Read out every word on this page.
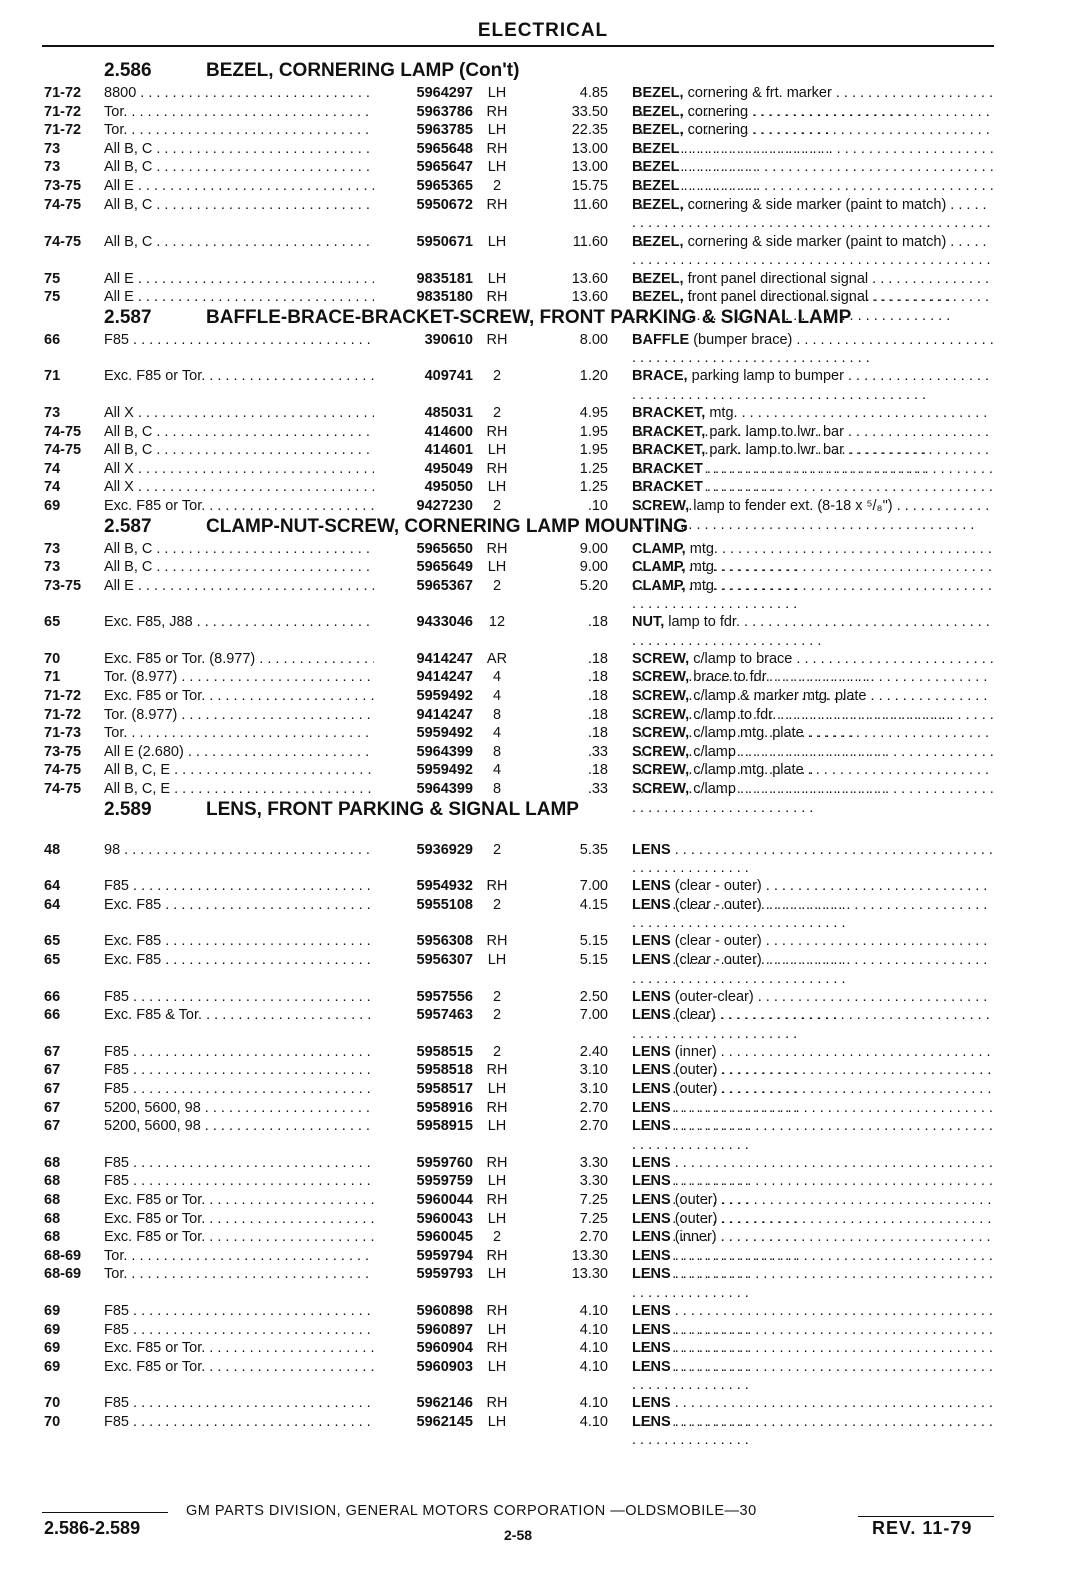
ELECTRICAL
2.586	BEZEL, CORNERING LAMP (Con't)
71-72	8800 . . .	5964297 LH	4.85 BEZEL, cornering & frt. marker . . .
71-72	Tor. . . .	5963786 RH	33.50 BEZEL, cornering . . .
71-72	Tor. . . .	5963785 LH	22.35 BEZEL, cornering . . .
73	All B, C . . .	5965648 RH	13.00 BEZEL . . .
73	All B, C . . .	5965647 LH	13.00 BEZEL . . .
73-75	All E . . .	5965365	2	15.75 BEZEL . . .
74-75	All B, C . . .	5950672 RH	11.60 BEZEL, cornering & side marker (paint to match) . . .
74-75	All B, C . . .	5950671 LH	11.60 BEZEL, cornering & side marker (paint to match) . . .
75	All E . . .	9835181 LH	13.60 BEZEL, front panel directional signal . . .
75	All E . . .	9835180 RH	13.60 BEZEL, front panel directional signal . . .
2.587	BAFFLE-BRACE-BRACKET-SCREW, FRONT PARKING & SIGNAL LAMP
66	F85 . . .	390610 RH	8.00 BAFFLE (bumper brace) . . .
71	Exc. F85 or Tor. . . .	409741	2	1.20 BRACE, parking lamp to bumper . . .
73	All X . . .	485031	2	4.95 BRACKET, mtg. . . .
74-75	All B, C . . .	414600 RH	1.95 BRACKET, park. lamp to lwr. bar . . .
74-75	All B, C . . .	414601 LH	1.95 BRACKET, park. lamp to lwr. bar . . .
74	All X . . .	495049 RH	1.25 BRACKET . . .
74	All X . . .	495050 LH	1.25 BRACKET . . .
69	Exc. F85 or Tor. . . .	9427230	2	.10 SCREW, lamp to fender ext. (8-18 x ⁵/₈") . . .
2.587	CLAMP-NUT-SCREW, CORNERING LAMP MOUNTING
73	All B, C . . .	5965650 RH	9.00 CLAMP, mtg. . . .
73	All B, C . . .	5965649 LH	9.00 CLAMP, mtg. . . .
73-75	All E . . .	5965367	2	5.20 CLAMP, mtg. . . .
65	Exc. F85, J88 . . .	9433046	12	.18 NUT, lamp to fdr. . . .
70	Exc. F85 or Tor. (8.977) . . .	9414247 AR	.18 SCREW, c/lamp to brace . . .
71	Tor. (8.977) . . .	9414247	4	.18 SCREW, brace to fdr. . . .
71-72	Exc. F85 or Tor. . . .	5959492	4	.18 SCREW, c/lamp & marker mtg. plate . . .
71-72	Tor. (8.977) . . .	9414247	8	.18 SCREW, c/lamp to fdr. . . .
71-73	Tor. . . .	5959492	4	.18 SCREW, c/lamp mtg. plate . . .
73-75	All E (2.680) . . .	5964399	8	.33 SCREW, c/lamp . . .
74-75	All B, C, E . . .	5959492	4	.18 SCREW, c/lamp mtg. plate . . .
74-75	All B, C, E . . .	5964399	8	.33 SCREW, c/lamp . . .
2.589	LENS, FRONT PARKING & SIGNAL LAMP
48	98 . . .	5936929	2	5.35 LENS . . .
64	F85 . . .	5954932 RH	7.00 LENS (clear - outer) . . .
64	Exc. F85 . . .	5955108	2	4.15 LENS (clear - outer) . . .
65	Exc. F85 . . .	5956308 RH	5.15 LENS (clear - outer) . . .
65	Exc. F85 . . .	5956307 LH	5.15 LENS (clear - outer) . . .
66	F85 . . .	5957556	2	2.50 LENS (outer-clear) . . .
66	Exc. F85 & Tor. . . .	5957463	2	7.00 LENS (clear) . . .
67	F85 . . .	5958515	2	2.40 LENS (inner) . . .
67	F85 . . .	5958518 RH	3.10 LENS (outer) . . .
67	F85 . . .	5958517 LH	3.10 LENS (outer) . . .
67	5200, 5600, 98 . . .	5958916 RH	2.70 LENS . . .
67	5200, 5600, 98 . . .	5958915 LH	2.70 LENS . . .
68	F85 . . .	5959760 RH	3.30 LENS . . .
68	F85 . . .	5959759 LH	3.30 LENS . . .
68	Exc. F85 or Tor. . . .	5960044 RH	7.25 LENS (outer) . . .
68	Exc. F85 or Tor. . . .	5960043 LH	7.25 LENS (outer) . . .
68	Exc. F85 or Tor. . . .	5960045	2	2.70 LENS (inner) . . .
68-69	Tor. . . .	5959794 RH	13.30 LENS . . .
68-69	Tor. . . .	5959793 LH	13.30 LENS . . .
69	F85 . . .	5960898 RH	4.10 LENS . . .
69	F85 . . .	5960897 LH	4.10 LENS . . .
69	Exc. F85 or Tor. . . .	5960904 RH	4.10 LENS . . .
69	Exc. F85 or Tor. . . .	5960903 LH	4.10 LENS . . .
70	F85 . . .	5962146 RH	4.10 LENS . . .
70	F85 . . .	5962145 LH	4.10 LENS . . .
GM PARTS DIVISION, GENERAL MOTORS CORPORATION —OLDSMOBILE—30
2.586-2.589	2-58	REV. 11-79
